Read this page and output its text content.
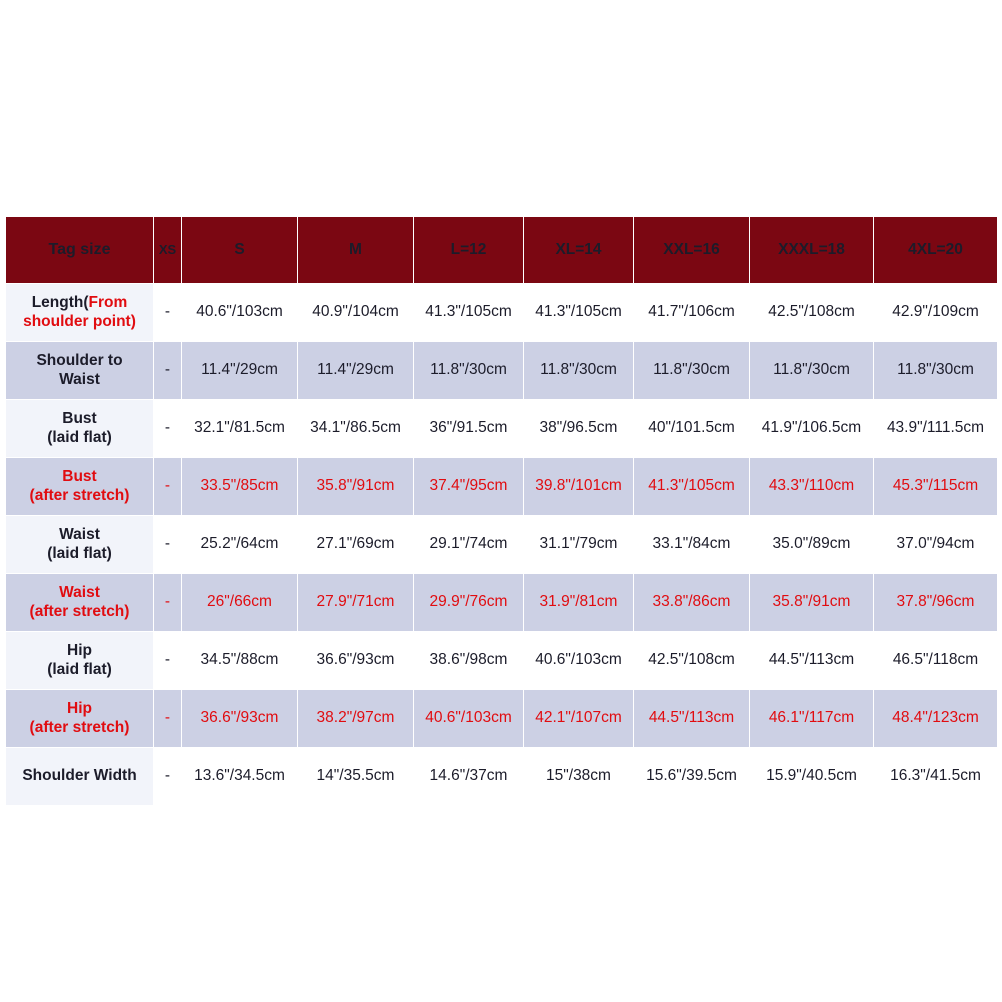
Tag size	XS	S	M	L=12	XL=14	XXL=16	XXXL=18	4XL=20
Length(From shoulder point)	-	40.6"/103cm	40.9"/104cm	41.3"/105cm	41.3"/105cm	41.7"/106cm	42.5"/108cm	42.9"/109cm
Shoulder to
Waist	-	11.4"/29cm	11.4"/29cm	11.8"/30cm	11.8"/30cm	11.8"/30cm	11.8"/30cm	11.8"/30cm
Bust
(laid flat)	-	32.1"/81.5cm	34.1"/86.5cm	36"/91.5cm	38"/96.5cm	40"/101.5cm	41.9"/106.5cm	43.9"/111.5cm
Bust
(after stretch)	-	33.5"/85cm	35.8"/91cm	37.4"/95cm	39.8"/101cm	41.3"/105cm	43.3"/110cm	45.3"/115cm
Waist
(laid flat)	-	25.2"/64cm	27.1"/69cm	29.1"/74cm	31.1"/79cm	33.1"/84cm	35.0"/89cm	37.0"/94cm
Waist
(after stretch)	-	26"/66cm	27.9"/71cm	29.9"/76cm	31.9"/81cm	33.8"/86cm	35.8"/91cm	37.8"/96cm
Hip
(laid flat)	-	34.5"/88cm	36.6"/93cm	38.6"/98cm	40.6"/103cm	42.5"/108cm	44.5"/113cm	46.5"/118cm
Hip
(after stretch)	-	36.6"/93cm	38.2"/97cm	40.6"/103cm	42.1"/107cm	44.5"/113cm	46.1"/117cm	48.4"/123cm
Shoulder Width	-	13.6"/34.5cm	14"/35.5cm	14.6"/37cm	15"/38cm	15.6"/39.5cm	15.9"/40.5cm	16.3"/41.5cm
